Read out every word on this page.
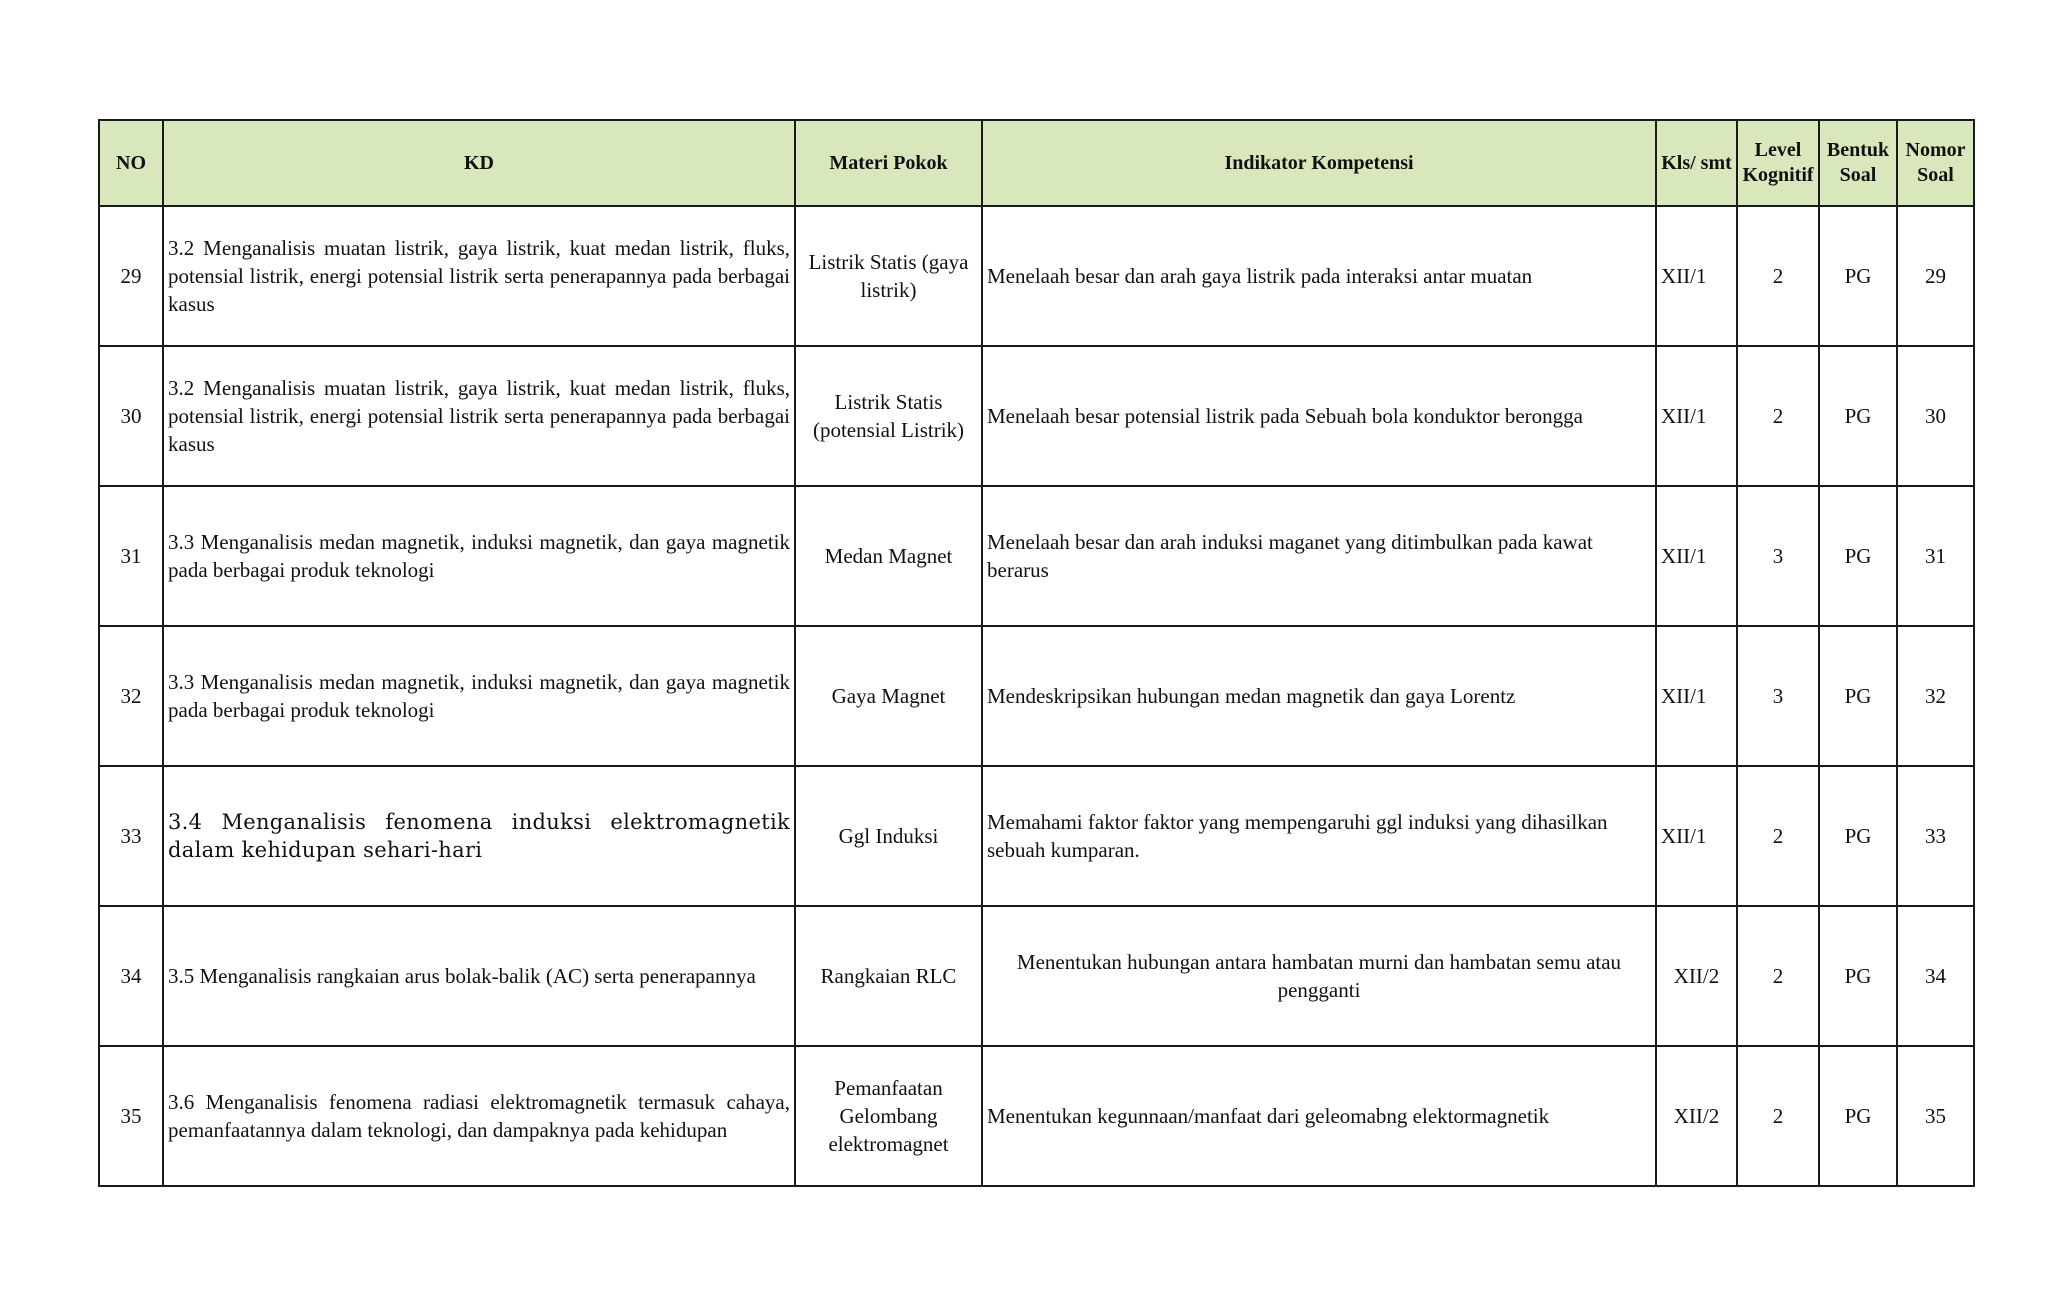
NO	KD	Materi Pokok	Indikator Kompetensi	Kls/ smt	Level Kognitif	Bentuk Soal	Nomor Soal
29	3.2 Menganalisis muatan listrik, gaya listrik, kuat medan listrik, fluks, potensial listrik, energi potensial listrik serta penerapannya pada berbagai kasus	Listrik Statis (gaya listrik)	Menelaah besar dan arah gaya listrik pada interaksi antar muatan	XII/1	2	PG	29
30	3.2 Menganalisis muatan listrik, gaya listrik, kuat medan listrik, fluks, potensial listrik, energi potensial listrik serta penerapannya pada berbagai kasus	Listrik Statis (potensial Listrik)	Menelaah besar potensial listrik pada Sebuah bola konduktor berongga	XII/1	2	PG	30
31	3.3 Menganalisis medan magnetik, induksi magnetik, dan gaya magnetik pada berbagai produk teknologi	Medan Magnet	Menelaah besar dan arah induksi maganet yang ditimbulkan pada kawat berarus	XII/1	3	PG	31
32	3.3 Menganalisis medan magnetik, induksi magnetik, dan gaya magnetik pada berbagai produk teknologi	Gaya Magnet	Mendeskripsikan hubungan medan magnetik dan gaya Lorentz	XII/1	3	PG	32
33	3.4 Menganalisis fenomena induksi elektromagnetik dalam kehidupan sehari-hari	Ggl Induksi	Memahami faktor faktor yang mempengaruhi ggl induksi yang dihasilkan sebuah kumparan.	XII/1	2	PG	33
34	3.5 Menganalisis rangkaian arus bolak-balik (AC) serta penerapannya	Rangkaian RLC	Menentukan hubungan antara hambatan murni dan hambatan semu atau pengganti	XII/2	2	PG	34
35	3.6 Menganalisis fenomena radiasi elektromagnetik termasuk cahaya, pemanfaatannya dalam teknologi, dan dampaknya pada kehidupan	Pemanfaatan Gelombang elektromagnet	Menentukan kegunnaan/manfaat dari geleomabng elektormagnetik	XII/2	2	PG	35
